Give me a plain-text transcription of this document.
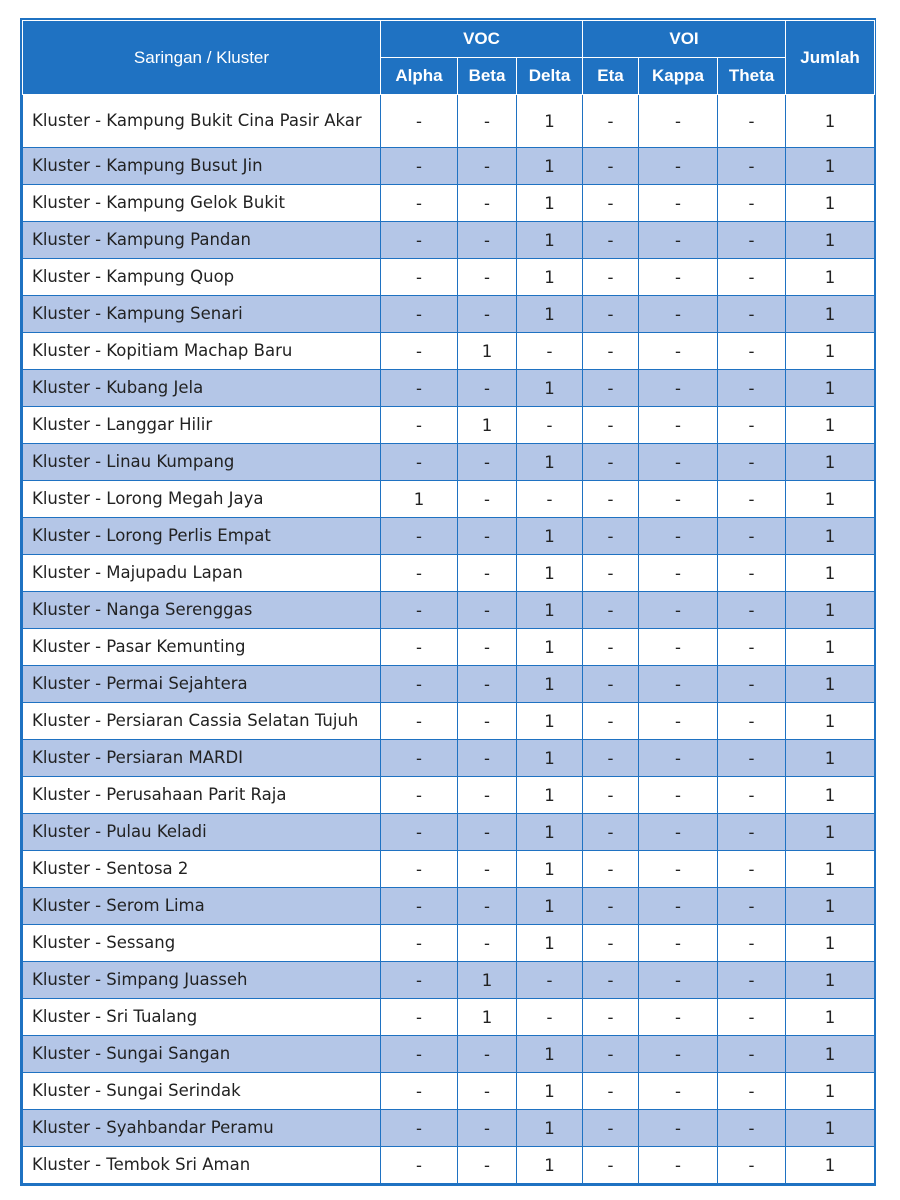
Saringan / Kluster	VOC			VOI			Jumlah
	Alpha	Beta	Delta	Eta	Kappa	Theta	
Kluster - Kampung Bukit Cina Pasir Akar	-	-	1	-	-	-	1
Kluster - Kampung Busut Jin	-	-	1	-	-	-	1
Kluster - Kampung Gelok Bukit	-	-	1	-	-	-	1
Kluster - Kampung Pandan	-	-	1	-	-	-	1
Kluster - Kampung Quop	-	-	1	-	-	-	1
Kluster - Kampung Senari	-	-	1	-	-	-	1
Kluster - Kopitiam Machap Baru	-	1	-	-	-	-	1
Kluster - Kubang Jela	-	-	1	-	-	-	1
Kluster - Langgar Hilir	-	1	-	-	-	-	1
Kluster - Linau Kumpang	-	-	1	-	-	-	1
Kluster - Lorong Megah Jaya	1	-	-	-	-	-	1
Kluster - Lorong Perlis Empat	-	-	1	-	-	-	1
Kluster - Majupadu Lapan	-	-	1	-	-	-	1
Kluster - Nanga Serenggas	-	-	1	-	-	-	1
Kluster - Pasar Kemunting	-	-	1	-	-	-	1
Kluster - Permai Sejahtera	-	-	1	-	-	-	1
Kluster - Persiaran Cassia Selatan Tujuh	-	-	1	-	-	-	1
Kluster - Persiaran MARDI	-	-	1	-	-	-	1
Kluster - Perusahaan Parit Raja	-	-	1	-	-	-	1
Kluster - Pulau Keladi	-	-	1	-	-	-	1
Kluster - Sentosa 2	-	-	1	-	-	-	1
Kluster - Serom Lima	-	-	1	-	-	-	1
Kluster - Sessang	-	-	1	-	-	-	1
Kluster - Simpang Juasseh	-	1	-	-	-	-	1
Kluster - Sri Tualang	-	1	-	-	-	-	1
Kluster - Sungai Sangan	-	-	1	-	-	-	1
Kluster - Sungai Serindak	-	-	1	-	-	-	1
Kluster - Syahbandar Peramu	-	-	1	-	-	-	1
Kluster - Tembok Sri Aman	-	-	1	-	-	-	1
